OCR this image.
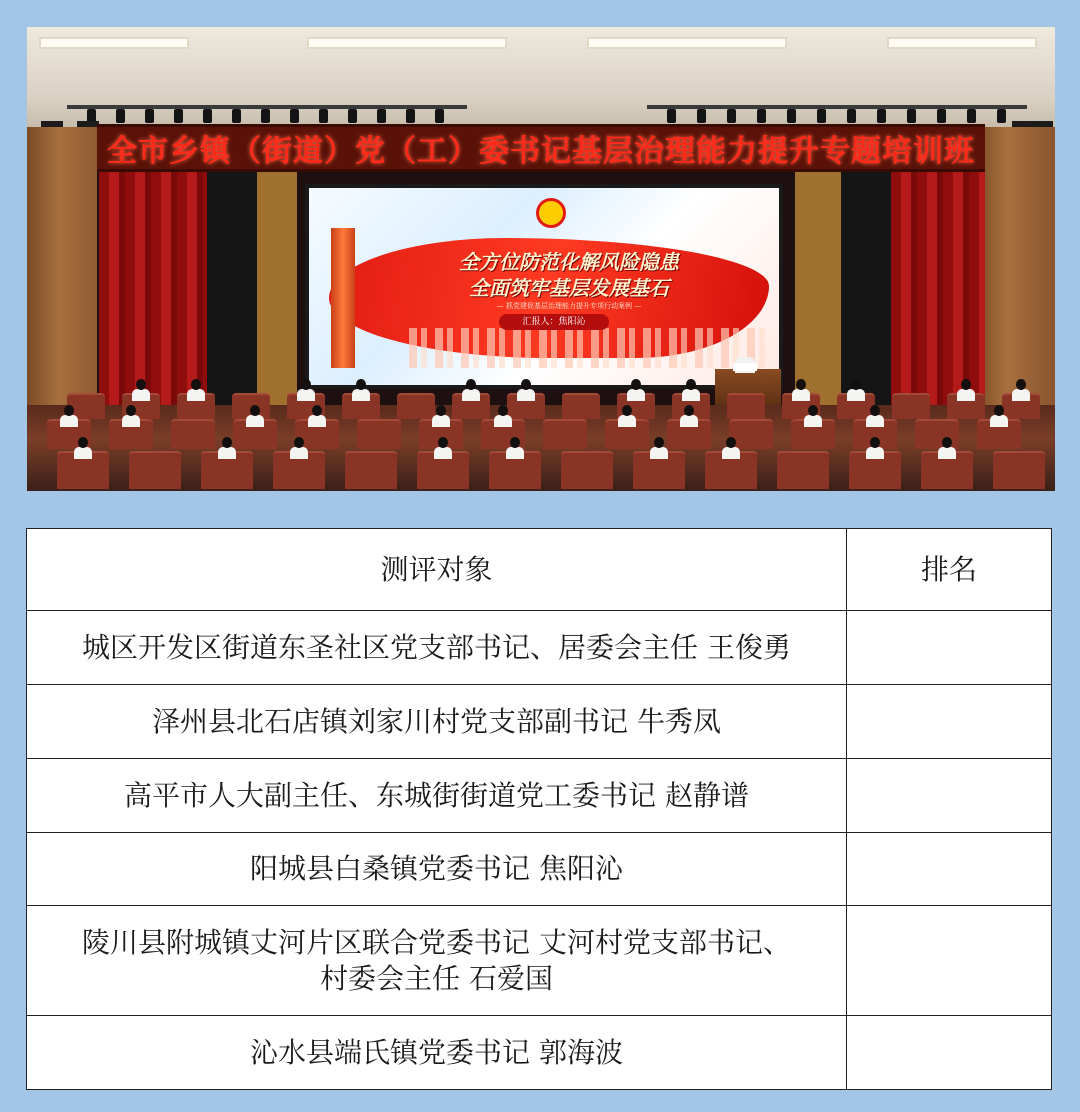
全市乡镇（街道）党（工）委书记基层治理能力提升专题培训班
全方位防范化解风险隐患
全面筑牢基层发展基石
— 抓党建促基层治理能力提升专项行动案例 —
汇报人：焦阳沁
测评对象	排名
城区开发区街道东圣社区党支部书记、居委会主任 王俊勇	
泽州县北石店镇刘家川村党支部副书记 牛秀凤	
高平市人大副主任、东城街街道党工委书记 赵静谱	
阳城县白桑镇党委书记 焦阳沁	

陵川县附城镇丈河片区联合党委书记 丈河村党支部书记、
村委会主任 石爱国	

沁水县端氏镇党委书记 郭海波	
